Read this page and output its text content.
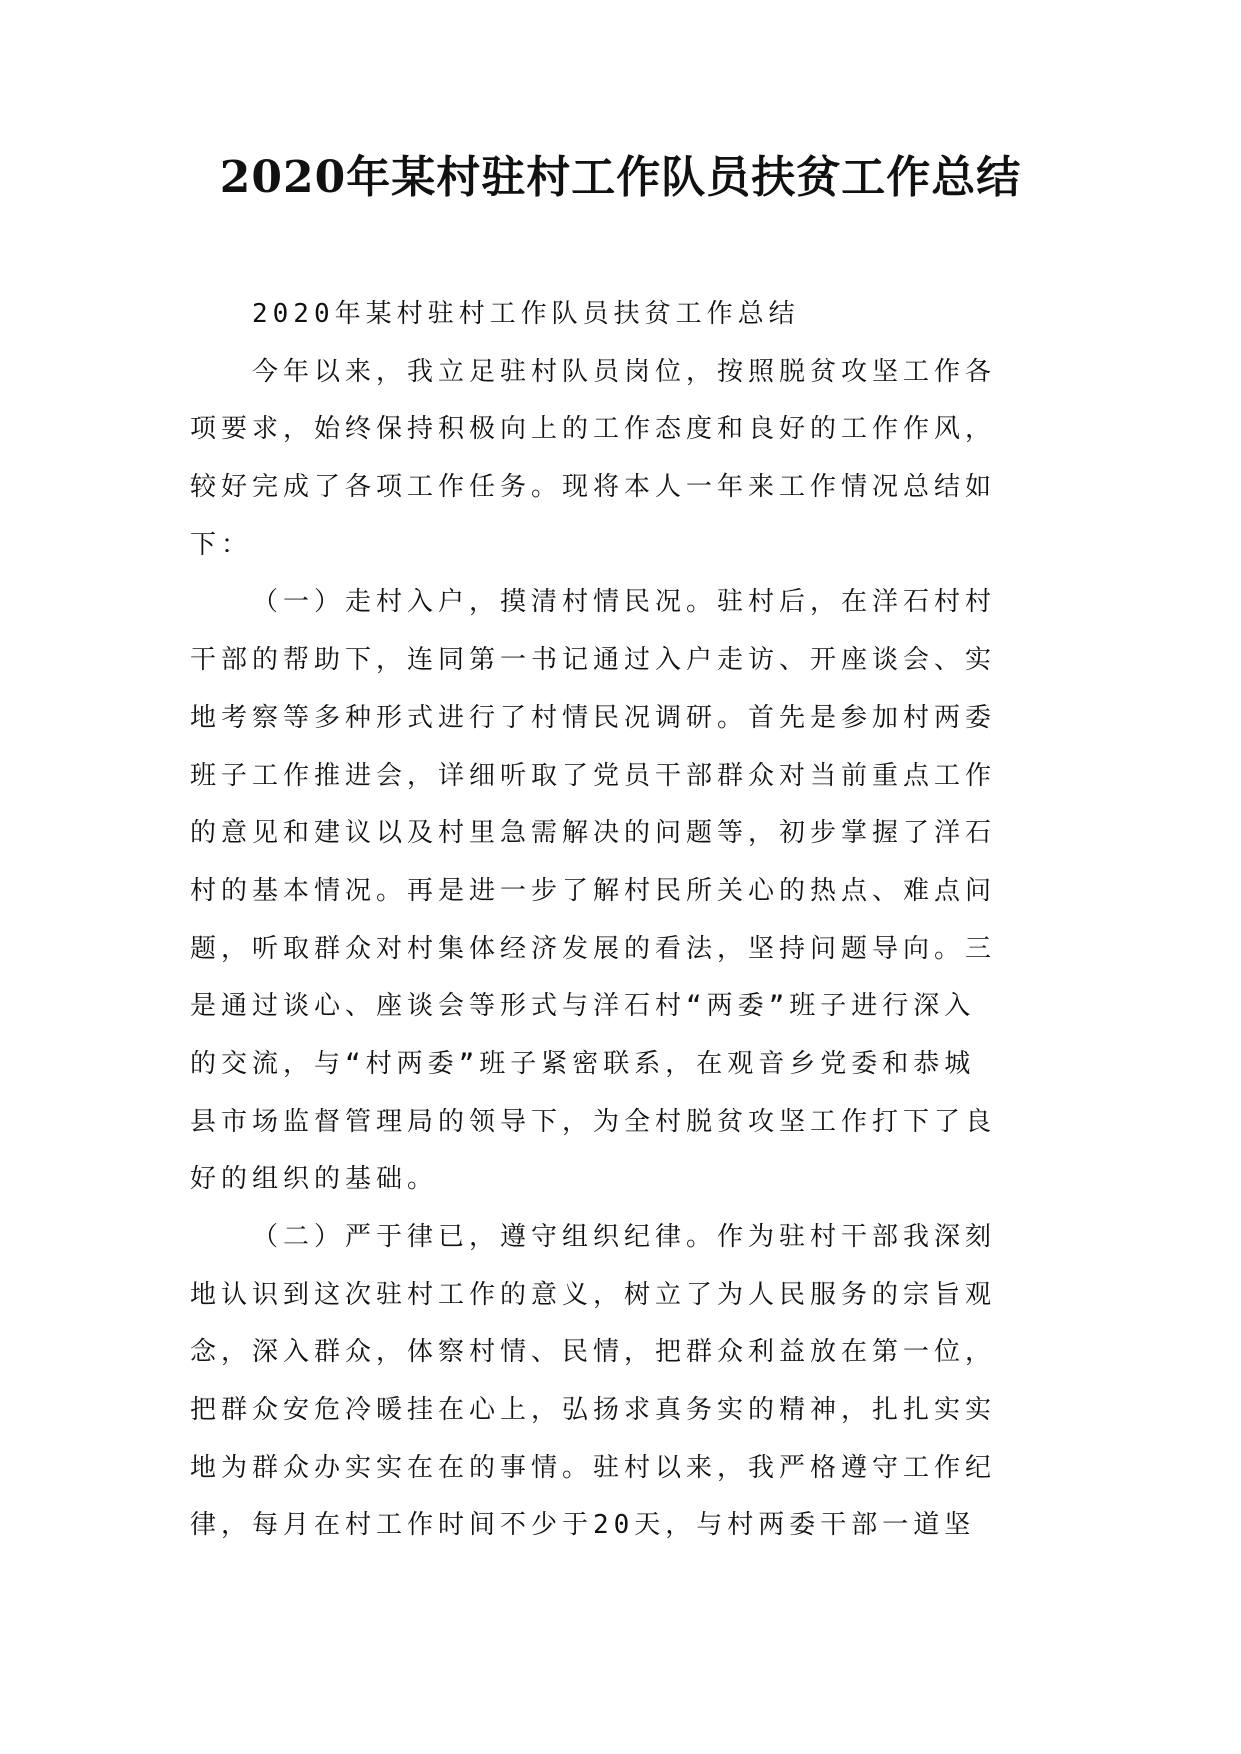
2020年某村驻村工作队员扶贫工作总结
2020年某村驻村工作队员扶贫工作总结
今年以来，我立足驻村队员岗位，按照脱贫攻坚工作各
项要求，始终保持积极向上的工作态度和良好的工作作风，
较好完成了各项工作任务。现将本人一年来工作情况总结如
下：
（一）走村入户，摸清村情民况。驻村后，在洋石村村
干部的帮助下，连同第一书记通过入户走访、开座谈会、实
地考察等多种形式进行了村情民况调研。首先是参加村两委
班子工作推进会，详细听取了党员干部群众对当前重点工作
的意见和建议以及村里急需解决的问题等，初步掌握了洋石
村的基本情况。再是进一步了解村民所关心的热点、难点问
题，听取群众对村集体经济发展的看法，坚持问题导向。三
是通过谈心、座谈会等形式与洋石村“两委”班子进行深入
的交流，与“村两委”班子紧密联系，在观音乡党委和恭城
县市场监督管理局的领导下，为全村脱贫攻坚工作打下了良
好的组织的基础。
（二）严于律已，遵守组织纪律。作为驻村干部我深刻
地认识到这次驻村工作的意义，树立了为人民服务的宗旨观
念，深入群众，体察村情、民情，把群众利益放在第一位，
把群众安危冷暖挂在心上，弘扬求真务实的精神，扎扎实实
地为群众办实实在在的事情。驻村以来，我严格遵守工作纪
律，每月在村工作时间不少于20天，与村两委干部一道坚
